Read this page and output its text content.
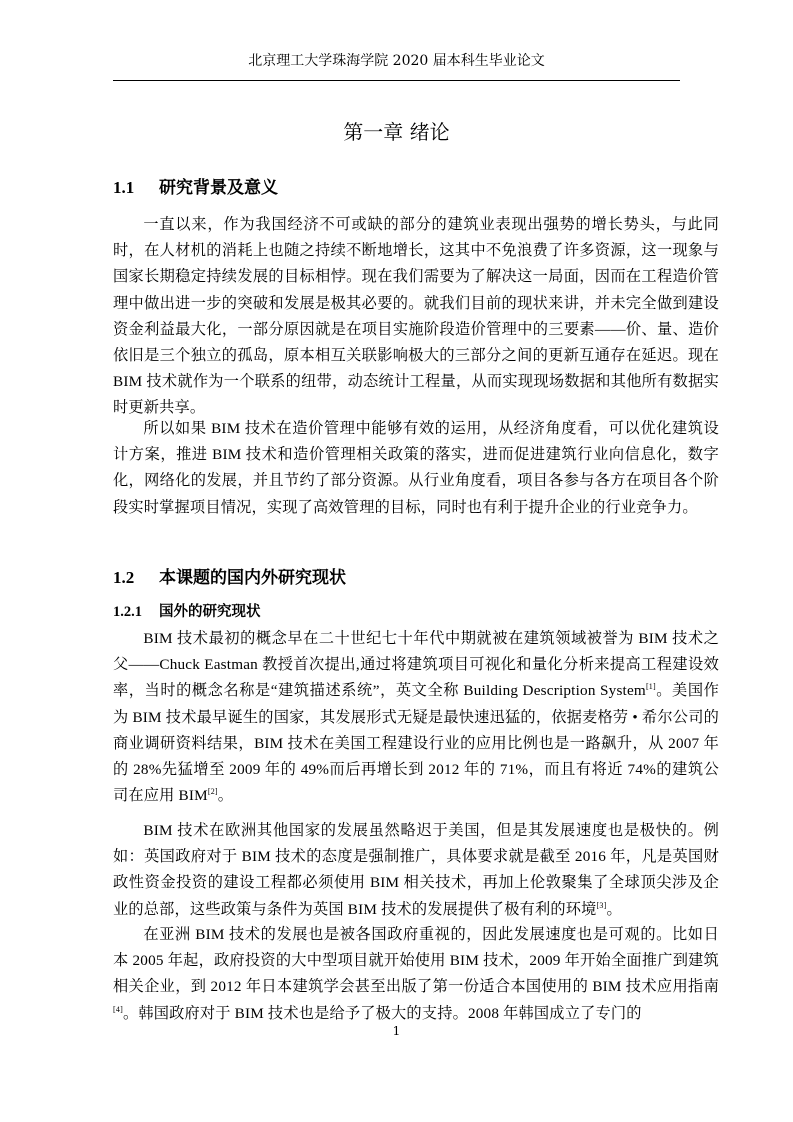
北京理工大学珠海学院 2020 届本科生毕业论文
第一章 绪论
1.1 研究背景及意义
一直以来，作为我国经济不可或缺的部分的建筑业表现出强势的增长势头，与此同时，在人材机的消耗上也随之持续不断地增长，这其中不免浪费了许多资源，这一现象与国家长期稳定持续发展的目标相悖。现在我们需要为了解决这一局面，因而在工程造价管理中做出进一步的突破和发展是极其必要的。就我们目前的现状来讲，并未完全做到建设资金利益最大化，一部分原因就是在项目实施阶段造价管理中的三要素——价、量、造价依旧是三个独立的孤岛，原本相互关联影响极大的三部分之间的更新互通存在延迟。现在 BIM 技术就作为一个联系的纽带，动态统计工程量，从而实现现场数据和其他所有数据实时更新共享。
所以如果 BIM 技术在造价管理中能够有效的运用，从经济角度看，可以优化建筑设计方案，推进 BIM 技术和造价管理相关政策的落实，进而促进建筑行业向信息化，数字化，网络化的发展，并且节约了部分资源。从行业角度看，项目各参与各方在项目各个阶段实时掌握项目情况，实现了高效管理的目标，同时也有利于提升企业的行业竞争力。
1.2 本课题的国内外研究现状
1.2.1 国外的研究现状
BIM 技术最初的概念早在二十世纪七十年代中期就被在建筑领域被誉为 BIM 技术之父——Chuck Eastman 教授首次提出,通过将建筑项目可视化和量化分析来提高工程建设效率，当时的概念名称是“建筑描述系统”，英文全称 Building Description System[1]。美国作为 BIM 技术最早诞生的国家，其发展形式无疑是最快速迅猛的，依据麦格劳 • 希尔公司的商业调研资料结果，BIM 技术在美国工程建设行业的应用比例也是一路飙升，从 2007 年的 28%先猛增至 2009 年的 49%而后再增长到 2012 年的 71%，而且有将近 74%的建筑公司在应用 BIM[2]。
BIM 技术在欧洲其他国家的发展虽然略迟于美国，但是其发展速度也是极快的。例如：英国政府对于 BIM 技术的态度是强制推广，具体要求就是截至 2016 年，凡是英国财政性资金投资的建设工程都必须使用 BIM 相关技术，再加上伦敦聚集了全球顶尖涉及企业的总部，这些政策与条件为英国 BIM 技术的发展提供了极有利的环境[3]。
在亚洲 BIM 技术的发展也是被各国政府重视的，因此发展速度也是可观的。比如日本 2005 年起，政府投资的大中型项目就开始使用 BIM 技术，2009 年开始全面推广到建筑相关企业，到 2012 年日本建筑学会甚至出版了第一份适合本国使用的 BIM 技术应用指南[4]。韩国政府对于 BIM 技术也是给予了极大的支持。2008 年韩国成立了专门的
1
